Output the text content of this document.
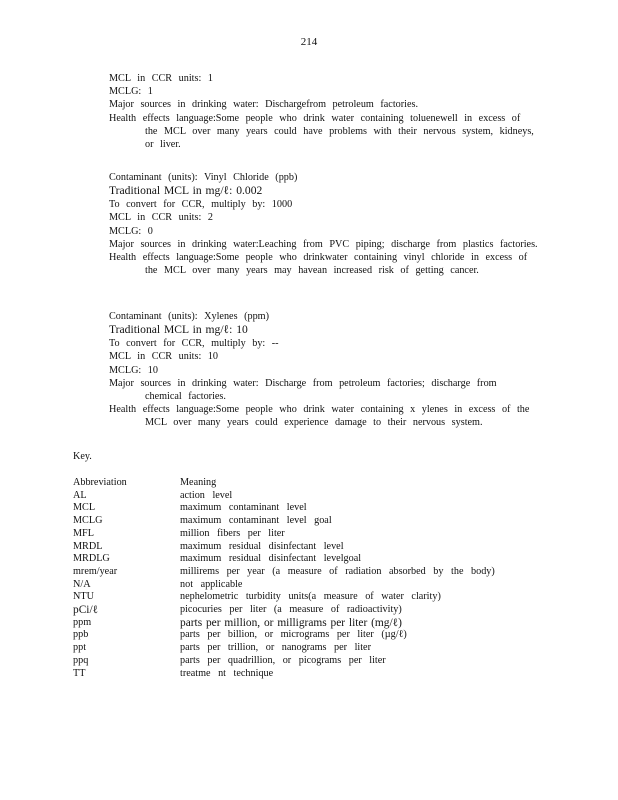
214
MCL in CCR units: 1
MCLG: 1
Major sources in drinking water: Dischargefrom petroleum factories.
Health effects language:Some people who drink water containing toluenewell in excess of the MCL over many years could have problems with their nervous system, kidneys, or liver.
Contaminant (units): Vinyl Chloride (ppb)
Traditional MCL in mg/ℓ: 0.002
To convert for CCR, multiply by: 1000
MCL in CCR units: 2
MCLG: 0
Major sources in drinking water:Leaching from PVC piping; discharge from plastics factories.
Health effects language:Some people who drinkwater containing vinyl chloride in excess of the MCL over many years may havean increased risk of getting cancer.
Contaminant (units): Xylenes (ppm)
Traditional MCL in mg/ℓ: 10
To convert for CCR, multiply by: --
MCL in CCR units: 10
MCLG: 10
Major sources in drinking water: Discharge from petroleum factories; discharge from chemical factories.
Health effects language:Some people who drink water containing x ylenes in excess of the MCL over many years could experience damage to their nervous system.
Key.
Abbreviation	Meaning
AL	action level
MCL	maximum contaminant level
MCLG	maximum contaminant level goal
MFL	million fibers per liter
MRDL	maximum residual disinfectant level
MRDLG	maximum residual disinfectant levelgoal
mrem/year	millirems per year (a measure of radiation absorbed by the body)
N/A	not applicable
NTU	nephelometric turbidity units(a measure of water clarity)
pCi/ℓ	picocuries per liter (a measure of radioactivity)
ppm	parts per million, or milligrams per liter (mg/ℓ)
ppb	parts per billion, or micrograms per liter (µg/ℓ)
ppt	parts per trillion, or nanograms per liter
ppq	parts per quadrillion, or picograms per liter
TT	treatme nt technique
